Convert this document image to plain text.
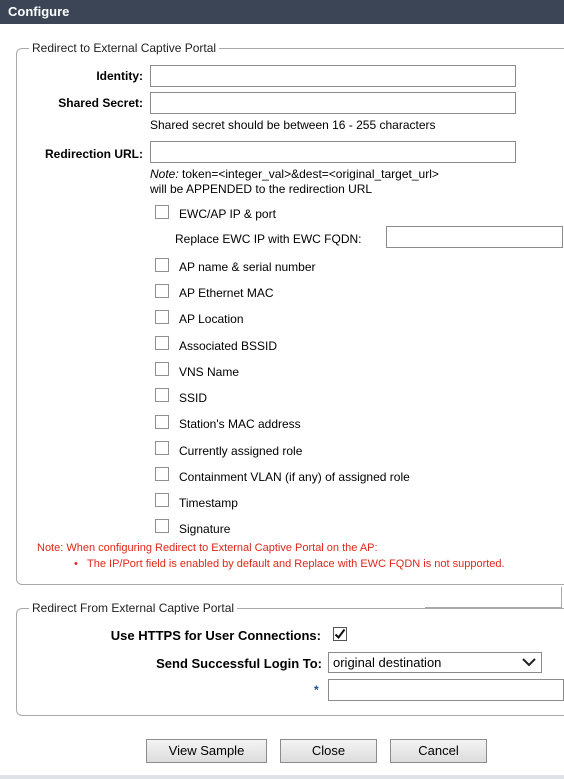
Configure
Redirect to External Captive Portal
Identity:
Shared Secret:
Shared secret should be between 16 - 255 characters
Redirection URL:
Note: token=<integer_val>&dest=<original_target_url>
will be APPENDED to the redirection URL
EWC/AP IP & port
Replace EWC IP with EWC FQDN:
AP name & serial number
AP Ethernet MAC
AP Location
Associated BSSID
VNS Name
SSID
Station's MAC address
Currently assigned role
Containment VLAN (if any) of assigned role
Timestamp
Signature
Note: When configuring Redirect to External Captive Portal on the AP:
• The IP/Port field is enabled by default and Replace with EWC FQDN is not supported.
Redirect From External Captive Portal
Use HTTPS for User Connections:
Send Successful Login To: original destination
*
View Sample	Close	Cancel
